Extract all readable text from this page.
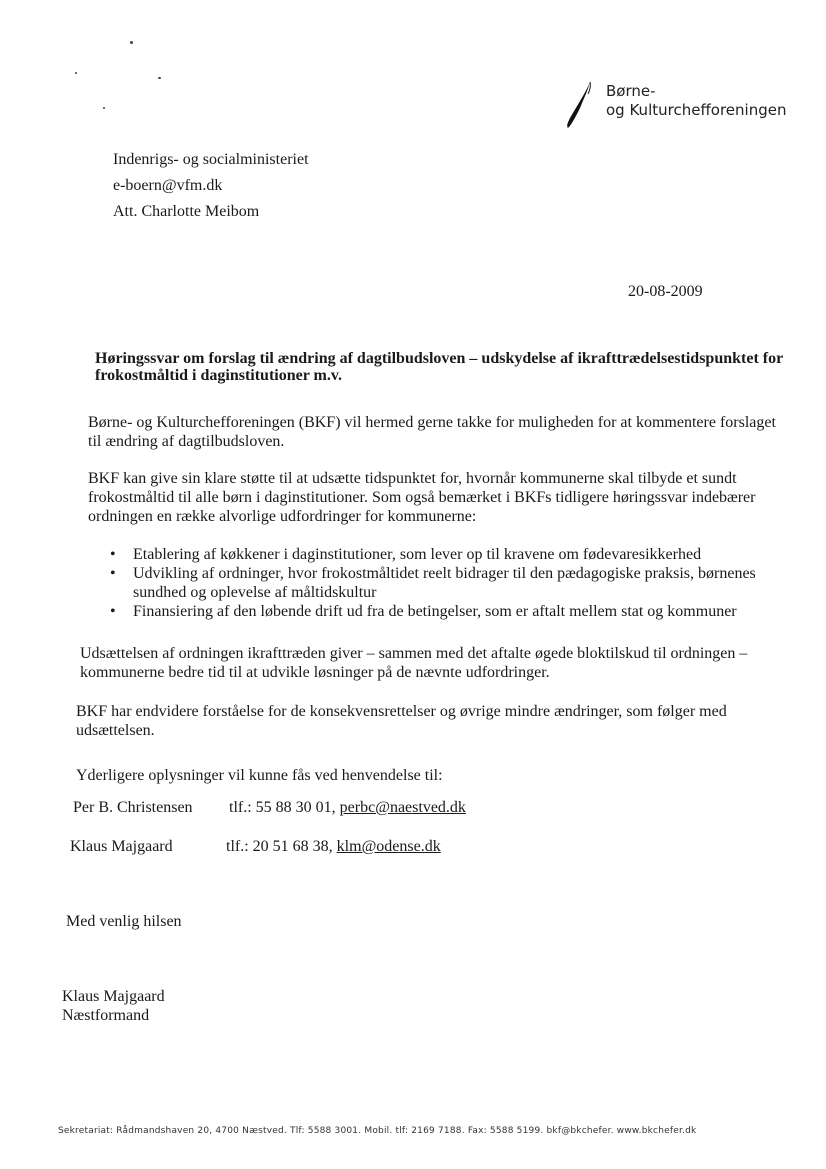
Børne-
og Kulturchefforeningen
Indenrigs- og socialministeriet
e-boern@vfm.dk
Att. Charlotte Meibom
20-08-2009
Høringssvar om forslag til ændring af dagtilbudsloven – udskydelse af ikrafttrædelsestidspunktet for frokostmåltid i daginstitutioner m.v.
Børne- og Kulturchefforeningen (BKF) vil hermed gerne takke for muligheden for at kommentere forslaget til ændring af dagtilbudsloven.
BKF kan give sin klare støtte til at udsætte tidspunktet for, hvornår kommunerne skal tilbyde et sundt frokostmåltid til alle børn i daginstitutioner. Som også bemærket i BKFs tidligere høringssvar indebærer ordningen en række alvorlige udfordringer for kommunerne:
• Etablering af køkkener i daginstitutioner, som lever op til kravene om fødevaresikkerhed
• Udvikling af ordninger, hvor frokostmåltidet reelt bidrager til den pædagogiske praksis, børnenes sundhed og oplevelse af måltidskultur
• Finansiering af den løbende drift ud fra de betingelser, som er aftalt mellem stat og kommuner
Udsættelsen af ordningen ikrafttræden giver – sammen med det aftalte øgede bloktilskud til ordningen – kommunerne bedre tid til at udvikle løsninger på de nævnte udfordringer.
BKF har endvidere forståelse for de konsekvensrettelser og øvrige mindre ændringer, som følger med udsættelsen.
Yderligere oplysninger vil kunne fås ved henvendelse til:
Per B. Christensen tlf.: 55 88 30 01, perbc@naestved.dk
Klaus Majgaard	tlf.: 20 51 68 38, klm@odense.dk
Med venlig hilsen
Klaus Majgaard
Næstformand
Sekretariat: Rådmandshaven 20, 4700 Næstved. Tlf: 5588 3001. Mobil. tlf: 2169 7188. Fax: 5588 5199. bkf@bkchefer. www.bkchefer.dk
